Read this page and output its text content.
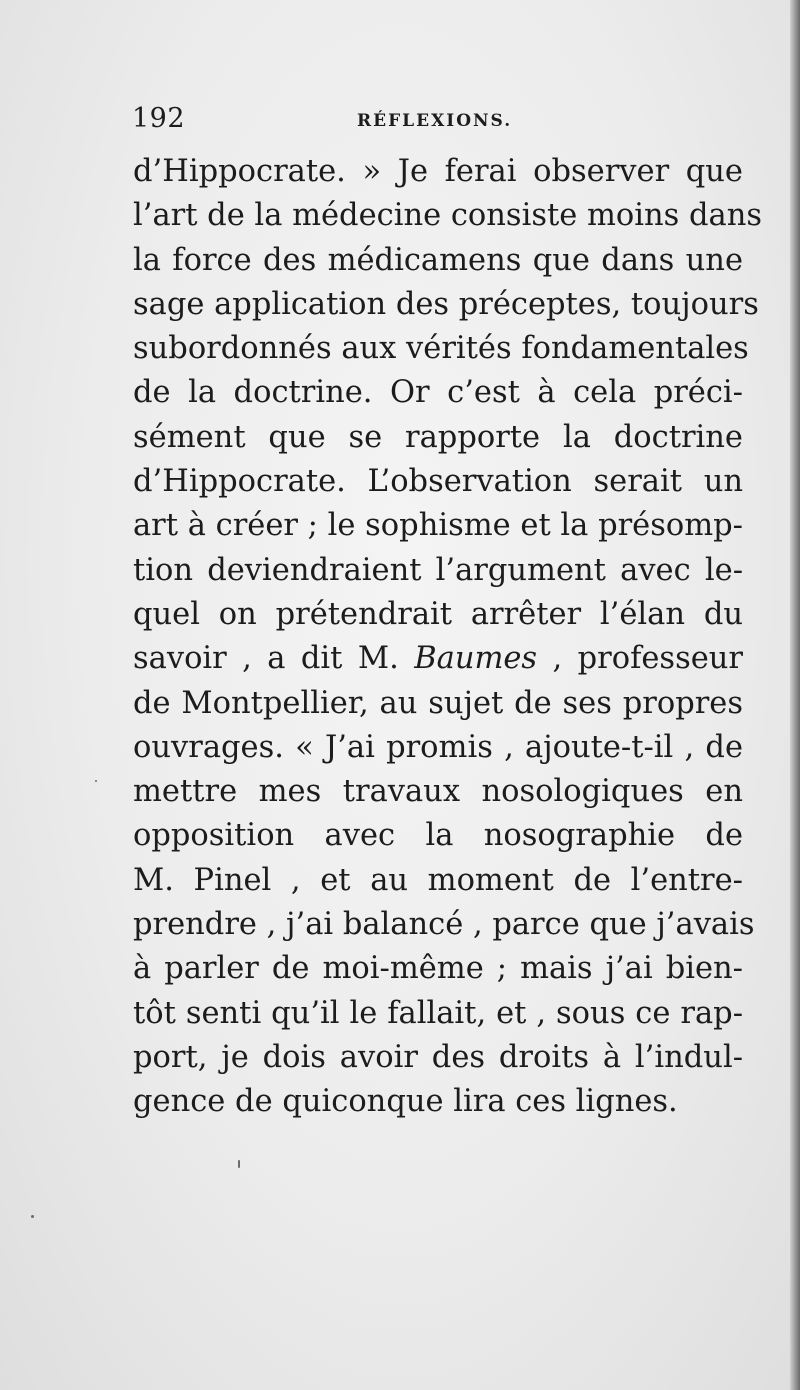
192	RÉFLEXIONS.
d’Hippocrate. » Je ferai observer que
l’art de la médecine consiste moins dans
la force des médicamens que dans une
sage application des préceptes, toujours
subordonnés aux vérités fondamentales
de la doctrine. Or c’est à cela préci-
sément que se rapporte la doctrine
d’Hippocrate. L’observation serait un
art à créer ; le sophisme et la présomp-
tion deviendraient l’argument avec le-
quel on prétendrait arrêter l’élan du
savoir , a dit M. Baumes , professeur
de Montpellier, au sujet de ses propres
ouvrages. « J’ai promis , ajoute-t-il , de
mettre mes travaux nosologiques en
opposition avec la nosographie de
M. Pinel , et au moment de l’entre-
prendre , j’ai balancé , parce que j’avais
à parler de moi-même ; mais j’ai bien-
tôt senti qu’il le fallait, et , sous ce rap-
port, je dois avoir des droits à l’indul-
gence de quiconque lira ces lignes.
